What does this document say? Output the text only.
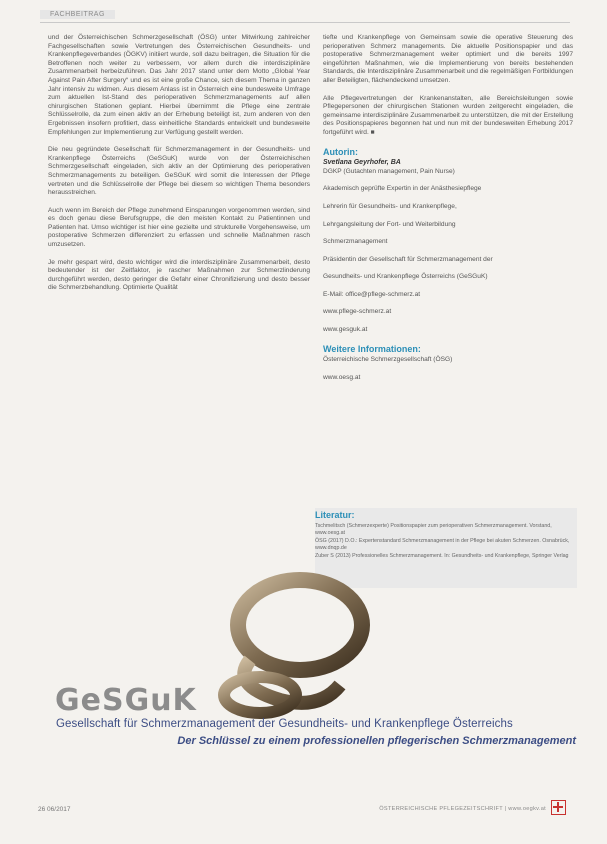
FACHBEITRAG

und der Österreichischen Schmerzgesellschaft (ÖSG) unter Mitwirkung zahlreicher Fachgesellschaften sowie Vertretungen des Österreichischen Gesundheits- und Krankenpflegeverbandes (ÖGKV) initiiert wurde, soll dazu beitragen, die Situation für die Betroffenen noch weiter zu verbessern, vor allem durch die interdisziplinäre Zusammenarbeit herbeizuführen. Das Jahr 2017 stand unter dem Motto „Global Year Against Pain After Surgery“ und es ist eine große Chance, sich diesem Thema in ganzen Jahr intensiv zu widmen. Aus diesem Anlass ist in Österreich eine bundesweite Umfrage zum aktuellen Ist-Stand des perioperativen Schmerzmanagements auf allen chirurgischen Stationen geplant. Hierbei übernimmt die Pflege eine zentrale Schlüsselrolle, da zum einen aktiv an der Erhebung beteiligt ist, zum anderen von den Ergebnissen insofern profitiert, dass einheitliche Standards entwickelt und bundesweite Empfehlungen zur Implementierung zur Verfügung gestellt werden.

Die neu gegründete Gesellschaft für Schmerzmanagement in der Gesundheits- und Krankenpflege Österreichs (GeSGuK) wurde von der Österreichischen Schmerzgesellschaft eingeladen, sich aktiv an der Optimierung des perioperativen Schmerzmanagements zu beteiligen. GeSGuK wird somit die Interessen der Pflege vertreten und die Schlüsselrolle der Pflege bei diesem so wichtigen Thema besonders herausstreichen.

Auch wenn im Bereich der Pflege zunehmend Einsparungen vorgenommen werden, sind es doch genau diese Berufsgruppe, die den meisten Kontakt zu Patientinnen und Patienten hat. Umso wichtiger ist hier eine gezielte und strukturelle Vorgehensweise, um postoperative Schmerzen differenziert zu erfassen und schnelle Maßnahmen rasch umzusetzen.

Je mehr gespart wird, desto wichtiger wird die interdisziplinäre Zusammenarbeit, desto bedeutender ist der Zeitfaktor, je rascher Maßnahmen zur Schmerzlinderung durchgeführt werden, desto geringer die Gefahr einer Chronifizierung und desto besser die Schmerzbehandlung. Optimierte Qualität

tiefte und Krankenpflege von Gemeinsam sowie die operative Steuerung des perioperativen Schmerz managements. Die aktuelle Positionspapier und das postoperative Schmerzmanagement weiter optimiert und die bereits 1997 eingeführten Maßnahmen, wie die Implementierung von bereits bestehenden Standards, die Interdisziplinäre Zusammenarbeit und die regelmäßigen Fortbildungen aller Beteiligten, flächendeckend umsetzen.

Alle Pflegevertretungen der Krankenanstalten, alle Bereichsleitungen sowie Pflegepersonen der chirurgischen Stationen wurden zeitgerecht eingeladen, die gemeinsame interdisziplinäre Zusammenarbeit zu unterstützen, die mit der Erstellung des Positionspapieres begonnen hat und nun mit der bundesweiten Erhebung 2017 fortgeführt wird. ■

Autorin:
Svetlana Geyrhofer, BA

DGKP (Gutachten management, Pain Nurse)

Akademisch geprüfte Expertin in der Anästhesiepflege

Lehrerin für Gesundheits- und Krankenpflege,

Lehrgangsleitung der Fort- und Weiterbildung

Schmerzmanagement

Präsidentin der Gesellschaft für Schmerzmanagement der

Gesundheits- und Krankenpflege Österreichs (GeSGuK)

E-Mail: office@pflege-schmerz.at

www.pflege-schmerz.at

www.gesguk.at

Weitere Informationen:

Österreichische Schmerzgesellschaft (ÖSG)

www.oesg.at

Literatur:

Tschmelitsch (Schmerzexperte) Positionspapier zum perioperativen Schmerzmanagement. Vorstand, www.oesg.at

ÖSG (2017) D.O.: Expertenstandard Schmerzmanagement in der Pflege bei akuten Schmerzen. Osnabrück, www.dnqp.de

Zuber S (2013) Professionelles Schmerzmanagement. In: Gesundheits- und Krankenpflege, Springer Verlag

GeSGuK
Gesellschaft für Schmerzmanagement der Gesundheits- und Krankenpflege Österreichs
Der Schlüssel zu einem professionellen pflegerischen Schmerzmanagement
26 06/2017	ÖSTERREICHISCHE PFLEGEZEITSCHRIFT | www.oegkv.at
